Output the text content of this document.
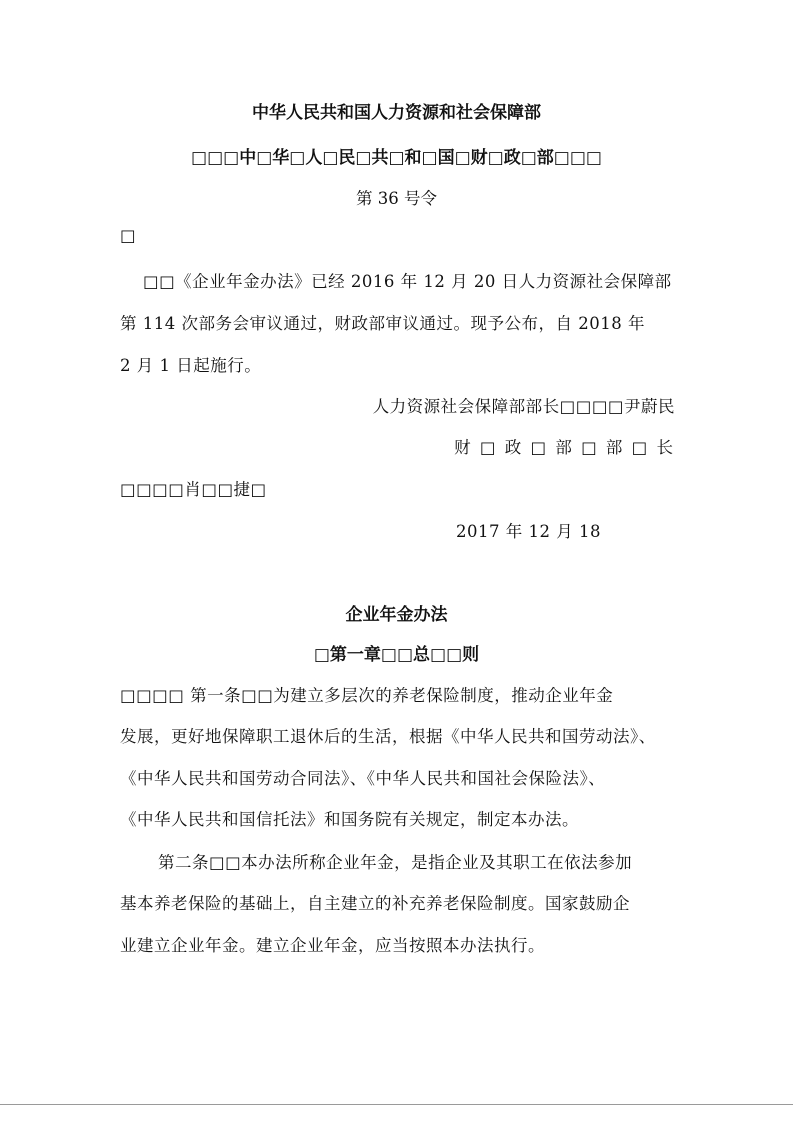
中华人民共和国人力资源和社会保障部
□□□中□华□人□民□共□和□国□财□政□部□□□
第 36 号令
□
□□《企业年金办法》已经 2016 年 12 月 20 日人力资源社会保障部
第 114 次部务会审议通过，财政部审议通过。现予公布，自 2018 年
2 月 1 日起施行。
人力资源社会保障部部长□□□□尹蔚民
财 □ 政 □ 部 □ 部 □ 长
□□□□肖□□捷□
2017 年 12 月 18
企业年金办法
□第一章□□总□□则
□□□□ 第一条□□为建立多层次的养老保险制度，推动企业年金
发展，更好地保障职工退休后的生活，根据《中华人民共和国劳动法》、
《中华人民共和国劳动合同法》、《中华人民共和国社会保险法》、
《中华人民共和国信托法》和国务院有关规定，制定本办法。
第二条□□本办法所称企业年金，是指企业及其职工在依法参加
基本养老保险的基础上，自主建立的补充养老保险制度。国家鼓励企
业建立企业年金。建立企业年金，应当按照本办法执行。
